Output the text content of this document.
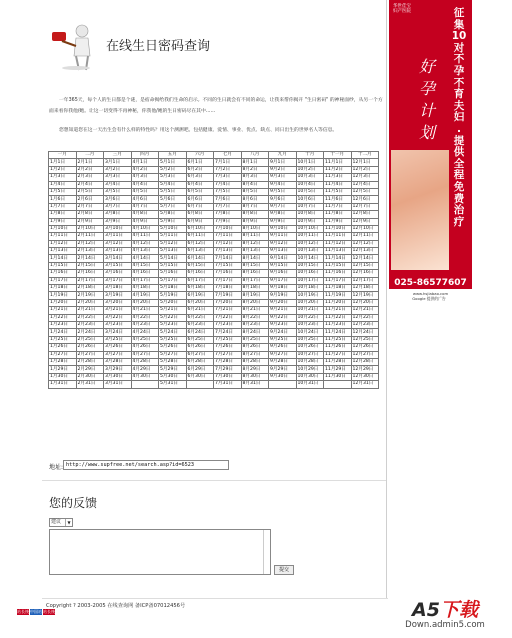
在线生日密码查询

一年365天，每个人的生日都是个谜，是宿命揭给我们生命的启示。不同的生日就会有不同的命运，让我来帮你揭开 "生日密码" 的神秘面纱，从另一个方面来看你我他/她。让这一切变得不再神秘，你我他/她的生日密码尽在其中……

您想知道您在这一天出生会有什么样的特性吗？用这个测测吧。包括健康、爱情、事业、优点、缺点、同日出生的世界名人等信息。

一月	二月	三月	四月	五月	六月	七月	八月	九月	十月	十一月	十二月
1月1日	2月1日	3月1日	4月1日	5月1日	6月1日	7月1日	8月1日	9月1日	10月1日	11月1日	12月1日
1月2日	2月2日	3月2日	4月2日	5月2日	6月2日	7月2日	8月2日	9月2日	10月2日	11月2日	12月2日
1月3日	2月3日	3月3日	4月3日	5月3日	6月3日	7月3日	8月3日	9月3日	10月3日	11月3日	12月3日
1月4日	2月4日	3月4日	4月4日	5月4日	6月4日	7月4日	8月4日	9月4日	10月4日	11月4日	12月4日
1月5日	2月5日	3月5日	4月5日	5月5日	6月5日	7月5日	8月5日	9月5日	10月5日	11月5日	12月5日
1月6日	2月6日	3月6日	4月6日	5月6日	6月6日	7月6日	8月6日	9月6日	10月6日	11月6日	12月6日
1月7日	2月7日	3月7日	4月7日	5月7日	6月7日	7月7日	8月7日	9月7日	10月7日	11月7日	12月7日
1月8日	2月8日	3月8日	4月8日	5月8日	6月8日	7月8日	8月8日	9月8日	10月8日	11月8日	12月8日
1月9日	2月9日	3月9日	4月9日	5月9日	6月9日	7月9日	8月9日	9月9日	10月9日	11月9日	12月9日
1月10日	2月10日	3月10日	4月10日	5月10日	6月10日	7月10日	8月10日	9月10日	10月10日	11月10日	12月10日
1月11日	2月11日	3月11日	4月11日	5月11日	6月11日	7月11日	8月11日	9月11日	10月11日	11月11日	12月11日
1月12日	2月12日	3月12日	4月12日	5月12日	6月12日	7月12日	8月12日	9月12日	10月12日	11月12日	12月12日
1月13日	2月13日	3月13日	4月13日	5月13日	6月13日	7月13日	8月13日	9月13日	10月13日	11月13日	12月13日
1月14日	2月14日	3月14日	4月14日	5月14日	6月14日	7月14日	8月14日	9月14日	10月14日	11月14日	12月14日
1月15日	2月15日	3月15日	4月15日	5月15日	6月15日	7月15日	8月15日	9月15日	10月15日	11月15日	12月15日
1月16日	2月16日	3月16日	4月16日	5月16日	6月16日	7月16日	8月16日	9月16日	10月16日	11月16日	12月16日
1月17日	2月17日	3月17日	4月17日	5月17日	6月17日	7月17日	8月17日	9月17日	10月17日	11月17日	12月17日
1月18日	2月18日	3月18日	4月18日	5月18日	6月18日	7月18日	8月18日	9月18日	10月18日	11月18日	12月18日
1月19日	2月19日	3月19日	4月19日	5月19日	6月19日	7月19日	8月19日	9月19日	10月19日	11月19日	12月19日
1月20日	2月20日	3月20日	4月20日	5月20日	6月20日	7月20日	8月20日	9月20日	10月20日	11月20日	12月20日
1月21日	2月21日	3月21日	4月21日	5月21日	6月21日	7月21日	8月21日	9月21日	10月21日	11月21日	12月21日
1月22日	2月22日	3月22日	4月22日	5月22日	6月22日	7月22日	8月22日	9月22日	10月22日	11月22日	12月22日
1月23日	2月23日	3月23日	4月23日	5月23日	6月23日	7月23日	8月23日	9月23日	10月23日	11月23日	12月23日
1月24日	2月24日	3月24日	4月24日	5月24日	6月24日	7月24日	8月24日	9月24日	10月24日	11月24日	12月24日
1月25日	2月25日	3月25日	4月25日	5月25日	6月25日	7月25日	8月25日	9月25日	10月25日	11月25日	12月25日
1月26日	2月26日	3月26日	4月26日	5月26日	6月26日	7月26日	8月26日	9月26日	10月26日	11月26日	12月26日
1月27日	2月27日	3月27日	4月27日	5月27日	6月27日	7月27日	8月27日	9月27日	10月27日	11月27日	12月27日
1月28日	2月28日	3月28日	4月28日	5月28日	6月28日	7月28日	8月28日	9月28日	10月28日	11月28日	12月28日
1月29日	2月29日	3月29日	4月29日	5月29日	6月29日	7月29日	8月29日	9月29日	10月29日	11月29日	12月29日
1月30日	2月30日	3月30日	4月30日	5月30日	6月30日	7月30日	8月30日	9月30日	10月30日	11月30日	12月30日
1月31日	2月31日	3月31日		5月31日		7月31日	8月31日		10月31日		12月31日
地址: http://www.supfree.net/search.asp?id=6523
您的反馈
建议	▼
提交
Copyright ? 2003-2005 在线查询网 备ICP备07012456号
站长统计
中国站长
站长统计
华世佳宝妇产医院	征
集
10
对
不
孕
不
育
夫
妇
.
提
供
全
程
免
费
治
疗
好
孕
计
划
025-86577607
www.hsjiabao.com
Google 提供的广告
A5下载
Down.admin5.com
